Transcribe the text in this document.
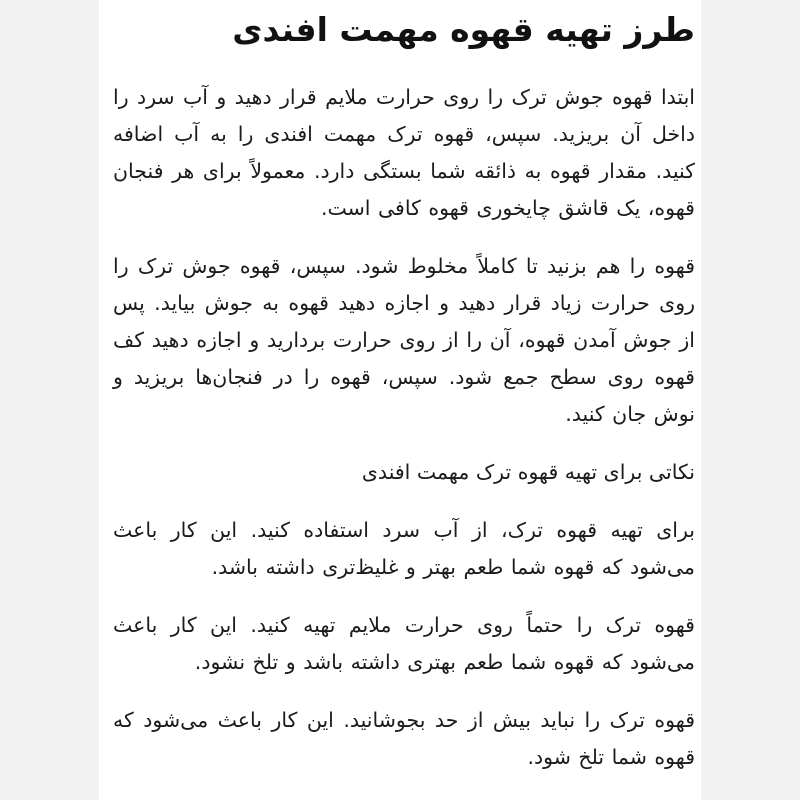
طرز تهیه قهوه مهمت افندی

ابتدا قهوه جوش ترک را روی حرارت ملایم قرار دهید و آب سرد را داخل آن بریزید. سپس، قهوه ترک مهمت افندی را به آب اضافه کنید. مقدار قهوه به ذائقه شما بستگی دارد. معمولاً برای هر فنجان قهوه، یک قاشق چایخوری قهوه کافی است.

قهوه را هم بزنید تا کاملاً مخلوط شود. سپس، قهوه جوش ترک را روی حرارت زیاد قرار دهید و اجازه دهید قهوه به جوش بیاید. پس از جوش آمدن قهوه، آن را از روی حرارت بردارید و اجازه دهید کف قهوه روی سطح جمع شود. سپس، قهوه را در فنجان‌ها بریزید و نوش جان کنید.

نکاتی برای تهیه قهوه ترک مهمت افندی

برای تهیه قهوه ترک، از آب سرد استفاده کنید. این کار باعث می‌شود که قهوه شما طعم بهتر و غلیظ‌تری داشته باشد.

قهوه ترک را حتماً روی حرارت ملایم تهیه کنید. این کار باعث می‌شود که قهوه شما طعم بهتری داشته باشد و تلخ نشود.

قهوه ترک را نباید بیش از حد بجوشانید. این کار باعث می‌شود که قهوه شما تلخ شود.
